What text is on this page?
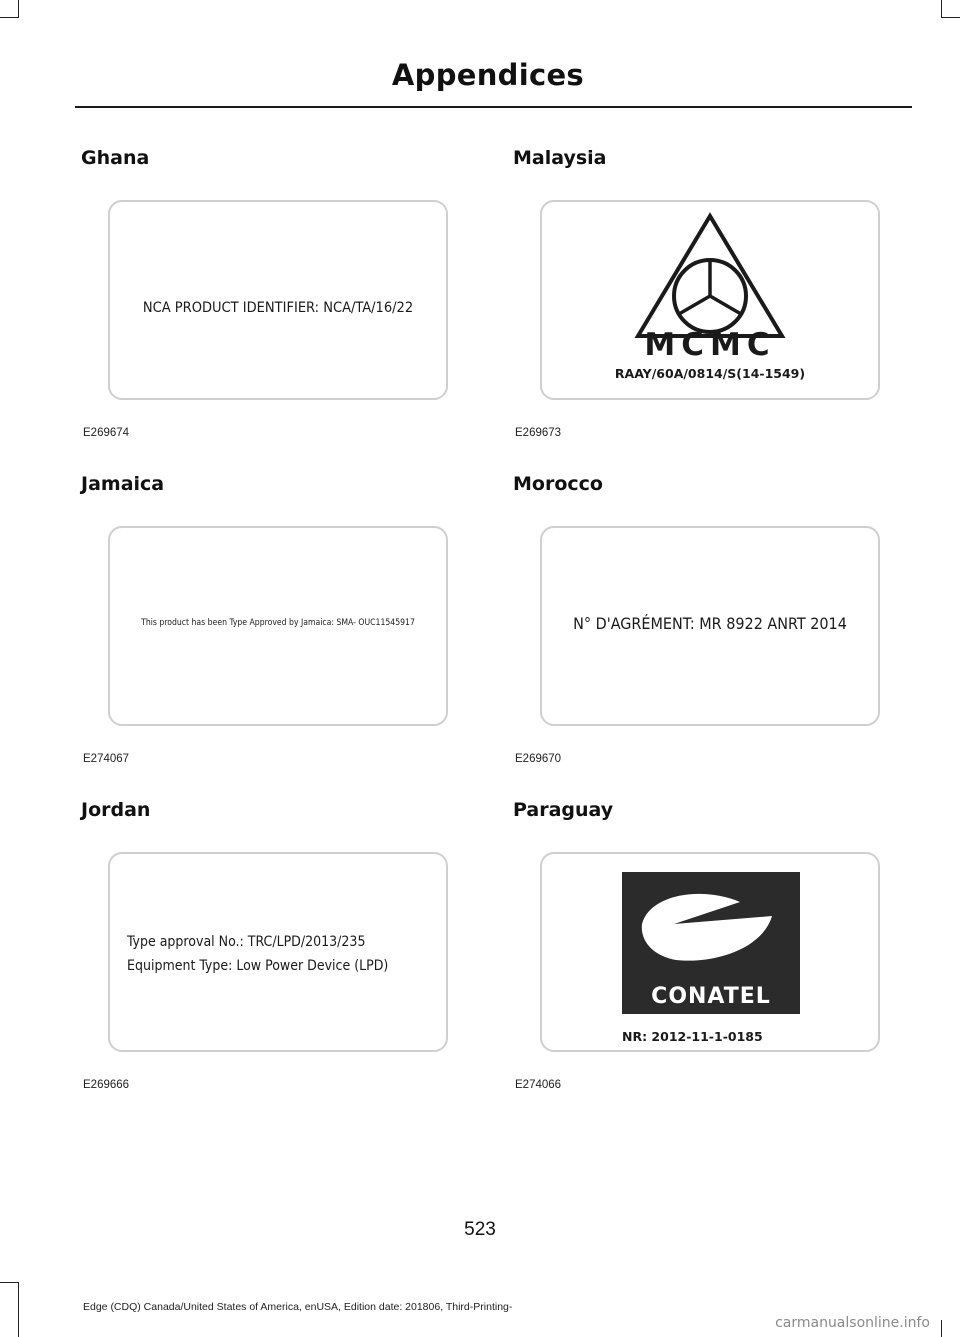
Appendices
Ghana
NCA PRODUCT IDENTIFIER: NCA/TA/16/22
E269674
Malaysia
MCMC
RAAY/60A/0814/S(14-1549)
E269673
Jamaica
This product has been Type Approved by Jamaica: SMA- OUC11545917
E274067
Morocco
N° D'AGRÉMENT: MR 8922 ANRT 2014
E269670
Jordan
Type approval No.: TRC/LPD/2013/235
Equipment Type: Low Power Device (LPD)
E269666
Paraguay
CONATEL
NR: 2012-11-1-0185
E274066
523
Edge (CDQ) Canada/United States of America, enUSA, Edition date: 201806, Third-Printing-
carmanualsonline.info
